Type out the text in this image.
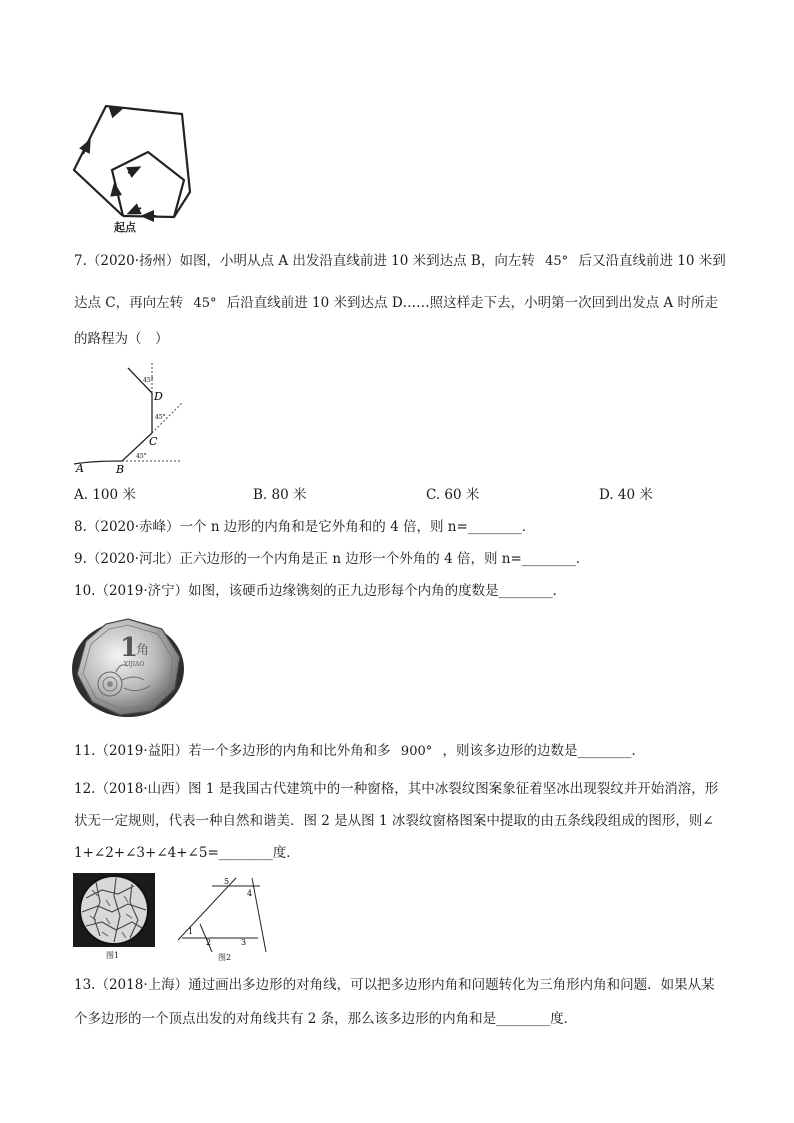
起点
7.（2020·扬州）如图，小明从点 A 出发沿直线前进 10 米到达点 B，向左转 45° 后又沿直线前进 10 米到
达点 C，再向左转 45° 后沿直线前进 10 米到达点 D……照这样走下去，小明第一次回到出发点 A 时所走
的路程为（　）
A	B
C
D
45°
45°
45°
A. 100 米	B. 80 米	C. 60 米	D. 40 米
8.（2020·赤峰）一个 n 边形的内角和是它外角和的 4 倍，则 n=________．
9.（2020·河北）正六边形的一个内角是正 n 边形一个外角的 4 倍，则 n=________．
10.（2019·济宁）如图，该硬币边缘镌刻的正九边形每个内角的度数是________．
1
角
YIJIAO
11.（2019·益阳）若一个多边形的内角和比外角和多 900° ，则该多边形的边数是________．
12.（2018·山西）图 1 是我国古代建筑中的一种窗格，其中冰裂纹图案象征着坚冰出现裂纹并开始消溶，形
状无一定规则，代表一种自然和谐美．图 2 是从图 1 冰裂纹窗格图案中提取的由五条线段组成的图形，则∠
1+∠2+∠3+∠4+∠5=________度．
图1
1
2	3
4
5
图2
13.（2018·上海）通过画出多边形的对角线，可以把多边形内角和问题转化为三角形内角和问题．如果从某
个多边形的一个顶点出发的对角线共有 2 条，那么该多边形的内角和是________度．
